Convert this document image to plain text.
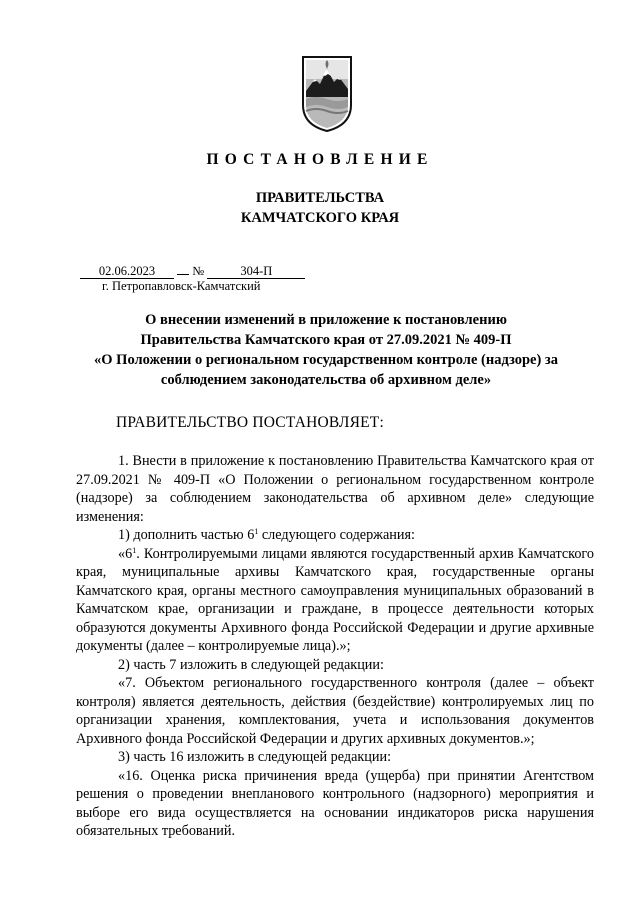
ПОСТАНОВЛЕНИЕ
ПРАВИТЕЛЬСТВА
КАМЧАТСКОГО КРАЯ
02.06.2023	№	304-П
г. Петропавловск-Камчатский
О внесении изменений в приложение к постановлению
Правительства Камчатского края от 27.09.2021 № 409-П
«О Положении о региональном государственном контроле (надзоре) за
соблюдением законодательства об архивном деле»
ПРАВИТЕЛЬСТВО ПОСТАНОВЛЯЕТ:

1. Внести в приложение к постановлению Правительства Камчатского края от 27.09.2021 № 409-П «О Положении о региональном государственном контроле (надзоре) за соблюдением законодательства об архивном деле» следующие изменения:

1) дополнить частью $6^1$ следующего содержания:

«$6^1$. Контролируемыми лицами являются государственный архив Камчатского края, муниципальные архивы Камчатского края, государственные органы Камчатского края, органы местного самоуправления муниципальных образований в Камчатском крае, организации и граждане, в процессе деятельности которых образуются документы Архивного фонда Российской Федерации и другие архивные документы (далее – контролируемые лица).»;

2) часть 7 изложить в следующей редакции:

«7. Объектом регионального государственного контроля (далее – объект контроля) является деятельность, действия (бездействие) контролируемых лиц по организации хранения, комплектования, учета и использования документов Архивного фонда Российской Федерации и других архивных документов.»;

3) часть 16 изложить в следующей редакции:

«16. Оценка риска причинения вреда (ущерба) при принятии Агентством решения о проведении внепланового контрольного (надзорного) мероприятия и выборе его вида осуществляется на основании индикаторов риска нарушения обязательных требований.
